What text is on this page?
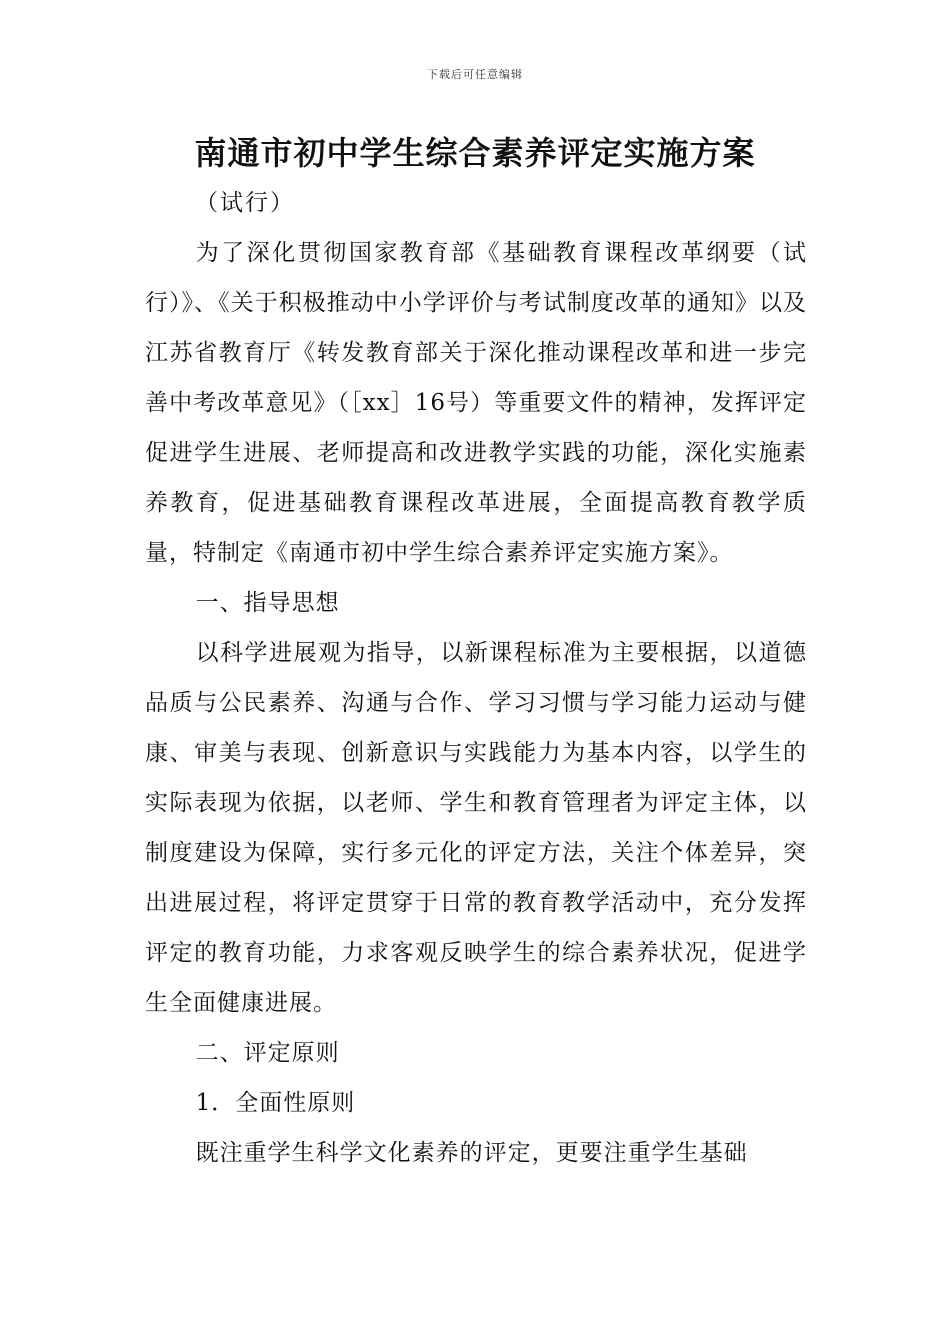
下载后可任意编辑
南通市初中学生综合素养评定实施方案
（试行）

为了深化贯彻国家教育部《基础教育课程改革纲要（试行）》、《关于积极推动中小学评价与考试制度改革的通知》以及江苏省教育厅《转发教育部关于深化推动课程改革和进一步完善中考改革意见》（［xx］16号）等重要文件的精神，发挥评定促进学生进展、老师提高和改进教学实践的功能，深化实施素养教育，促进基础教育课程改革进展，全面提高教育教学质量，特制定《南通市初中学生综合素养评定实施方案》。

一、指导思想

以科学进展观为指导，以新课程标准为主要根据，以道德品质与公民素养、沟通与合作、学习习惯与学习能力运动与健康、审美与表现、创新意识与实践能力为基本内容，以学生的实际表现为依据，以老师、学生和教育管理者为评定主体，以制度建设为保障，实行多元化的评定方法，关注个体差异，突出进展过程，将评定贯穿于日常的教育教学活动中，充分发挥评定的教育功能，力求客观反映学生的综合素养状况，促进学生全面健康进展。

二、评定原则

1．全面性原则

既注重学生科学文化素养的评定，更要注重学生基础
